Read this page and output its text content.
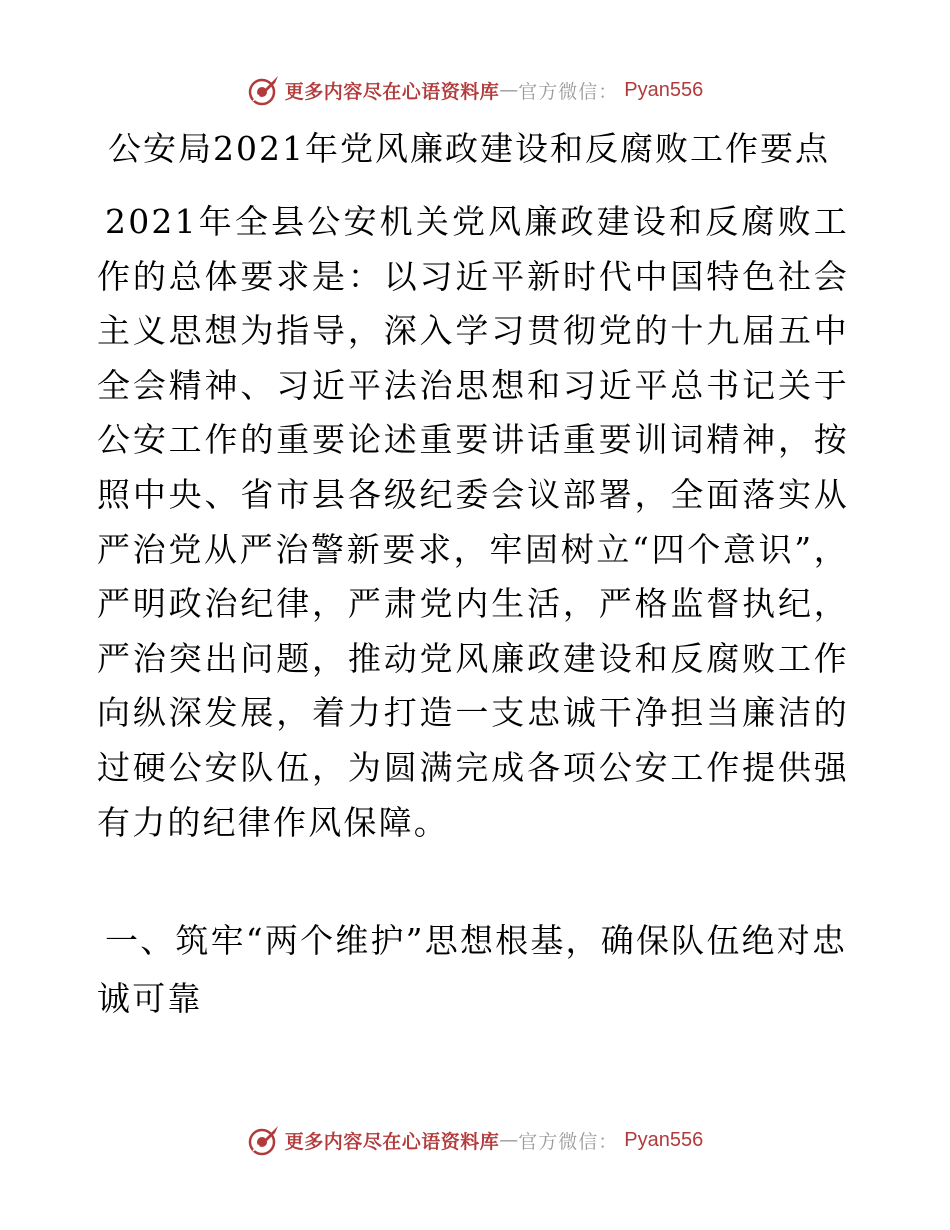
更多内容尽在心语资料库 — 官方微信： Pyan556
公安局2021年党风廉政建设和反腐败工作要点
2021年全县公安机关党风廉政建设和反腐败工作的总体要求是：以习近平新时代中国特色社会主义思想为指导，深入学习贯彻党的十九届五中全会精神、习近平法治思想和习近平总书记关于公安工作的重要论述重要讲话重要训词精神，按照中央、省市县各级纪委会议部署，全面落实从严治党从严治警新要求，牢固树立“四个意识”，严明政治纪律，严肃党内生活，严格监督执纪，严治突出问题，推动党风廉政建设和反腐败工作向纵深发展，着力打造一支忠诚干净担当廉洁的过硬公安队伍，为圆满完成各项公安工作提供强有力的纪律作风保障。
一、筑牢“两个维护”思想根基，确保队伍绝对忠诚可靠
更多内容尽在心语资料库 — 官方微信： Pyan556
